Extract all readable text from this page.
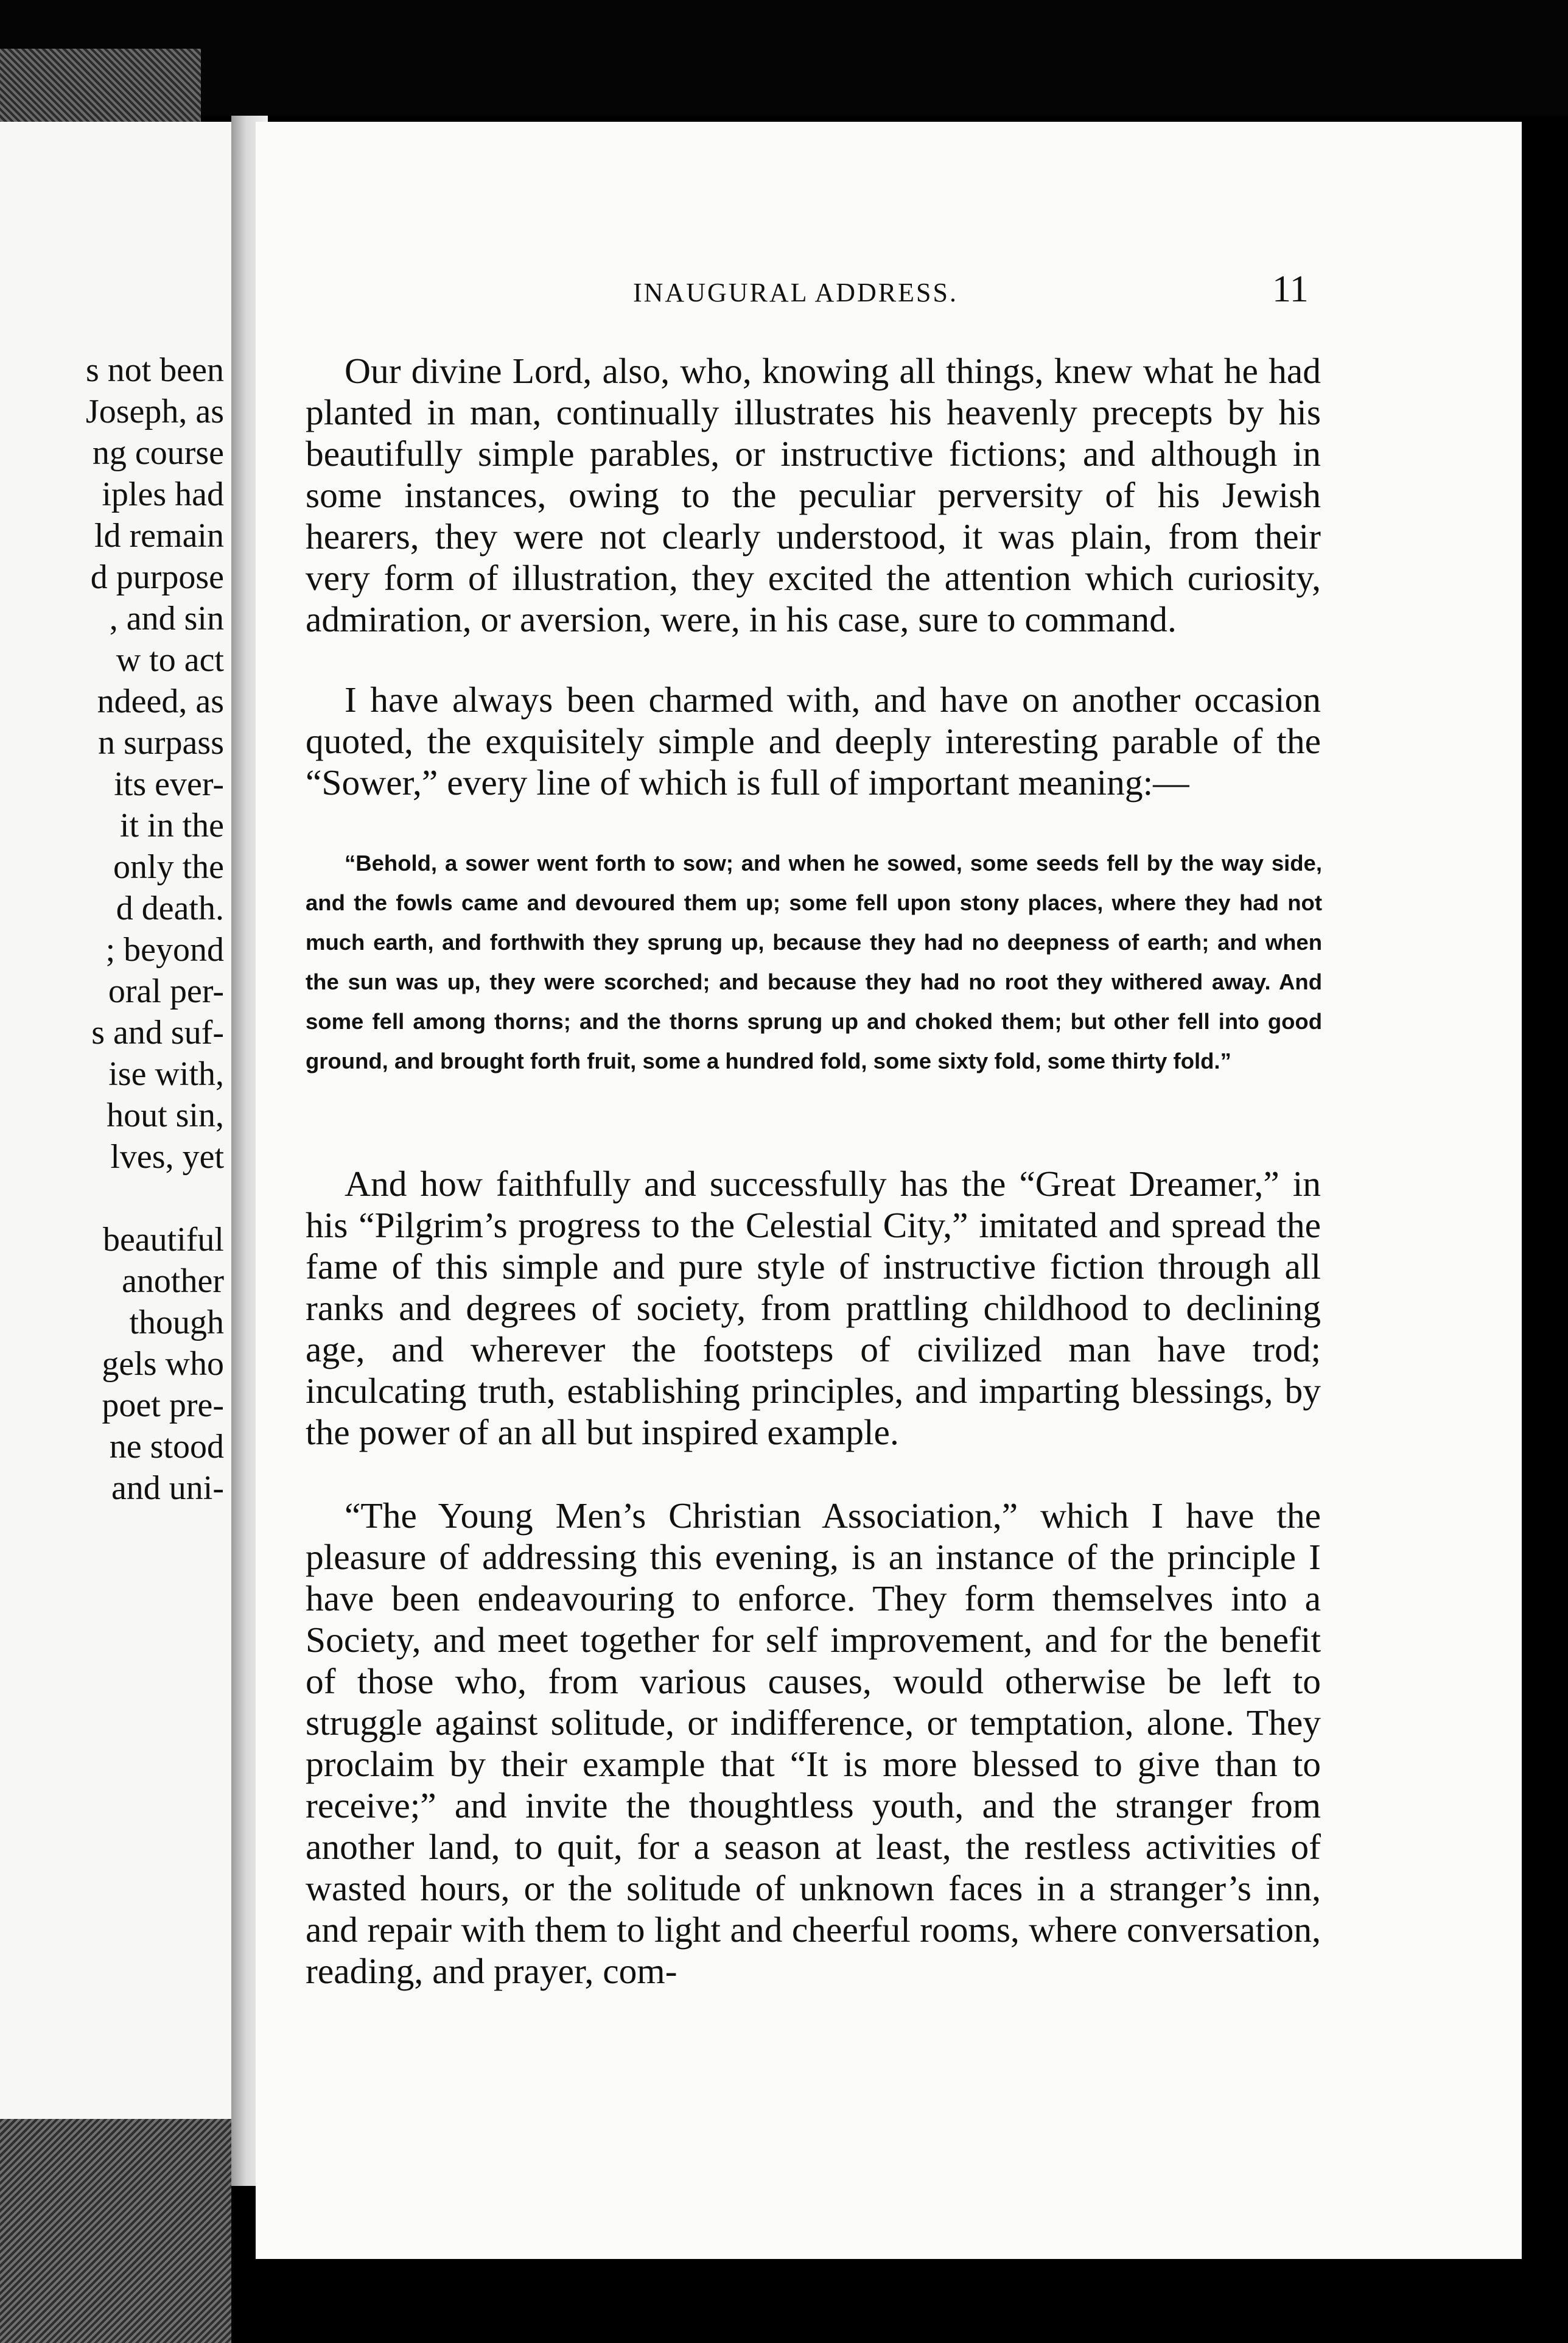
s not been
Joseph, as
ng course
iples had
ld remain
d purpose
, and sin
w to act
ndeed, as
n surpass
its ever-
it in the
only the
d death.
; beyond
oral per-
s and suf-
ise with,
hout sin,
lves, yet
beautiful
another
though
gels who
poet pre-
ne stood
and uni-
INAUGURAL ADDRESS.	11

Our divine Lord, also, who, knowing all things, knew what he had planted in man, continually illustrates his heavenly precepts by his beautifully simple parables, or instructive fictions; and although in some instances, owing to the peculiar perversity of his Jewish hearers, they were not clearly understood, it was plain, from their very form of illustration, they excited the attention which curiosity, admiration, or aversion, were, in his case, sure to command.

I have always been charmed with, and have on another occasion quoted, the exquisitely simple and deeply interesting parable of the “Sower,” every line of which is full of important meaning:—

“Behold, a sower went forth to sow; and when he sowed, some seeds fell by the way side, and the fowls came and devoured them up; some fell upon stony places, where they had not much earth, and forthwith they sprung up, because they had no deepness of earth; and when the sun was up, they were scorched; and because they had no root they withered away. And some fell among thorns; and the thorns sprung up and choked them; but other fell into good ground, and brought forth fruit, some a hundred fold, some sixty fold, some thirty fold.”

And how faithfully and successfully has the “Great Dreamer,” in his “Pilgrim’s progress to the Celestial City,” imitated and spread the fame of this simple and pure style of instructive fiction through all ranks and degrees of society, from prattling childhood to declining age, and wherever the footsteps of civilized man have trod; inculcating truth, establishing principles, and imparting blessings, by the power of an all but inspired example.

“The Young Men’s Christian Association,” which I have the pleasure of addressing this evening, is an instance of the principle I have been endeavouring to enforce. They form themselves into a Society, and meet together for self improvement, and for the benefit of those who, from various causes, would otherwise be left to struggle against solitude, or indifference, or temptation, alone. They proclaim by their example that “It is more blessed to give than to receive;” and invite the thoughtless youth, and the stranger from another land, to quit, for a season at least, the restless activities of wasted hours, or the solitude of unknown faces in a stranger’s inn, and repair with them to light and cheerful rooms, where conversation, reading, and prayer, com-
